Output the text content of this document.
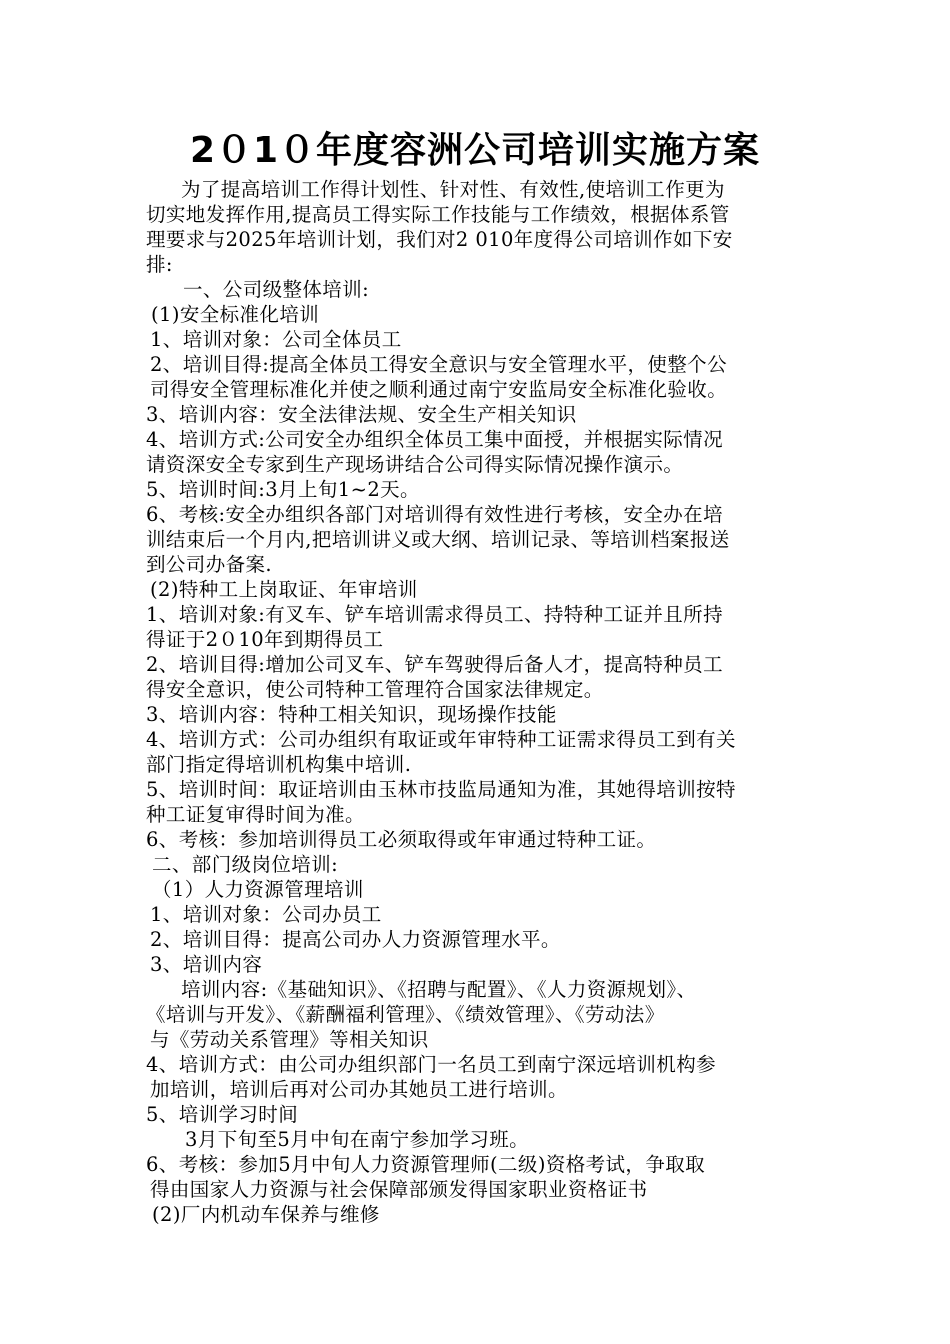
2０1０年度容洲公司培训实施方案
为了提高培训工作得计划性、针对性、有效性,使培训工作更为
切实地发挥作用,提高员工得实际工作技能与工作绩效，根据体系管
理要求与2025年培训计划，我们对2 010年度得公司培训作如下安
排:
一、公司级整体培训:
(1)安全标准化培训
1、培训对象：公司全体员工
2、培训目得:提高全体员工得安全意识与安全管理水平，使整个公
司得安全管理标准化并使之顺利通过南宁安监局安全标准化验收。
3、培训内容：安全法律法规、安全生产相关知识
4、培训方式:公司安全办组织全体员工集中面授，并根据实际情况
请资深安全专家到生产现场讲结合公司得实际情况操作演示。
5、培训时间:3月上旬1~2天。
6、考核:安全办组织各部门对培训得有效性进行考核，安全办在培
训结束后一个月内,把培训讲义或大纲、培训记录、等培训档案报送
到公司办备案.
(2)特种工上岗取证、年审培训
1、培训对象:有叉车、铲车培训需求得员工、持特种工证并且所持
得证于2０10年到期得员工
2、培训目得:增加公司叉车、铲车驾驶得后备人才，提高特种员工
得安全意识，使公司特种工管理符合国家法律规定。
3、培训内容：特种工相关知识，现场操作技能
4、培训方式：公司办组织有取证或年审特种工证需求得员工到有关
部门指定得培训机构集中培训.
5、培训时间：取证培训由玉林市技监局通知为准，其她得培训按特
种工证复审得时间为准。
6、考核：参加培训得员工必须取得或年审通过特种工证。
二、部门级岗位培训:
（1）人力资源管理培训
1、培训对象：公司办员工
2、培训目得：提高公司办人力资源管理水平。
3、培训内容
培训内容:《基础知识》、《招聘与配置》、《人力资源规划》、
《培训与开发》、《薪酬福利管理》、《绩效管理》、《劳动法》
与《劳动关系管理》等相关知识
4、培训方式：由公司办组织部门一名员工到南宁深远培训机构参
加培训，培训后再对公司办其她员工进行培训。
5、培训学习时间
3月下旬至5月中旬在南宁参加学习班。
6、考核：参加5月中旬人力资源管理师(二级)资格考试，争取取
得由国家人力资源与社会保障部颁发得国家职业资格证书
(2)厂内机动车保养与维修
